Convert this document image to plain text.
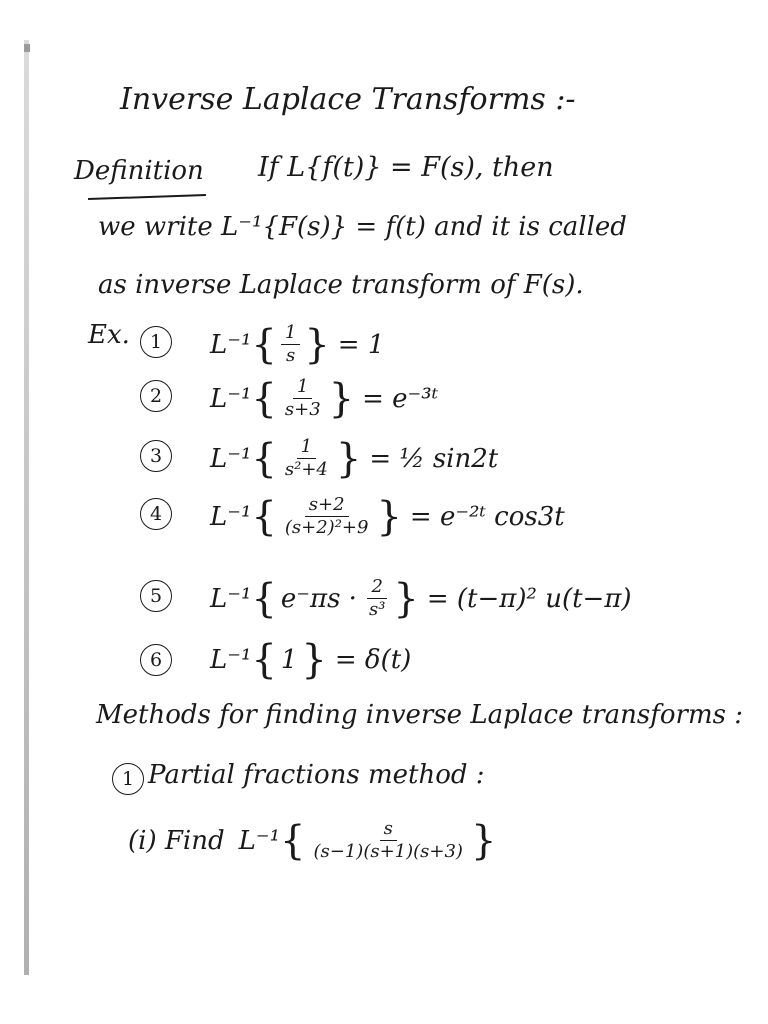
Inverse Laplace Transforms :-
Definition If L{f(t)} = F(s), then
we write L⁻¹{F(s)} = f(t) and it is called
as inverse Laplace transform of F(s).
Ex.	1	L⁻¹ { $\frac{1}{s}$ } = 1
2	L⁻¹ { $\frac{1}{s+3}$ } = e⁻³ᵗ
3	L⁻¹ { $\frac{1}{\text{s²+4}}$ } = ½ sin2t
4	L⁻¹ { $\frac{s+2}{\text{(s+2)²+9}}$ } = e⁻²ᵗ cos3t
5	L⁻¹ { $e^-\pi s \cdot \frac{2}{\text{s³}}$ } = (t−π)² u(t−π)
6	L⁻¹ { 1 } = δ(t)
Methods for finding inverse Laplace transforms :
1 Partial fractions method :
(i) Find L⁻¹ { $\frac{s}{(s-1)(s+1)(s+3)}$ }
